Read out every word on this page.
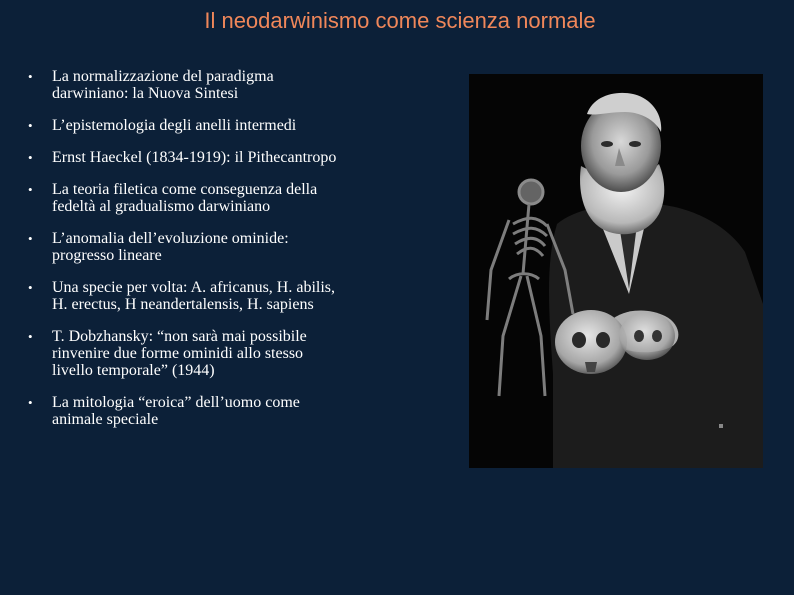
Il neodarwinismo come scienza normale
• La normalizzazione del paradigma
darwiniano: la Nuova Sintesi
• L’epistemologia degli anelli intermedi
• Ernst Haeckel (1834-1919): il Pithecantropo
• La teoria filetica come conseguenza della
fedeltà al gradualismo darwiniano
• L’anomalia dell’evoluzione ominide:
progresso lineare
• Una specie per volta: A. africanus, H. abilis,
H. erectus, H neandertalensis, H. sapiens
• T. Dobzhansky: “non sarà mai possibile
rinvenire due forme ominidi allo stesso
livello temporale” (1944)
• La mitologia “eroica” dell’uomo come
animale speciale
